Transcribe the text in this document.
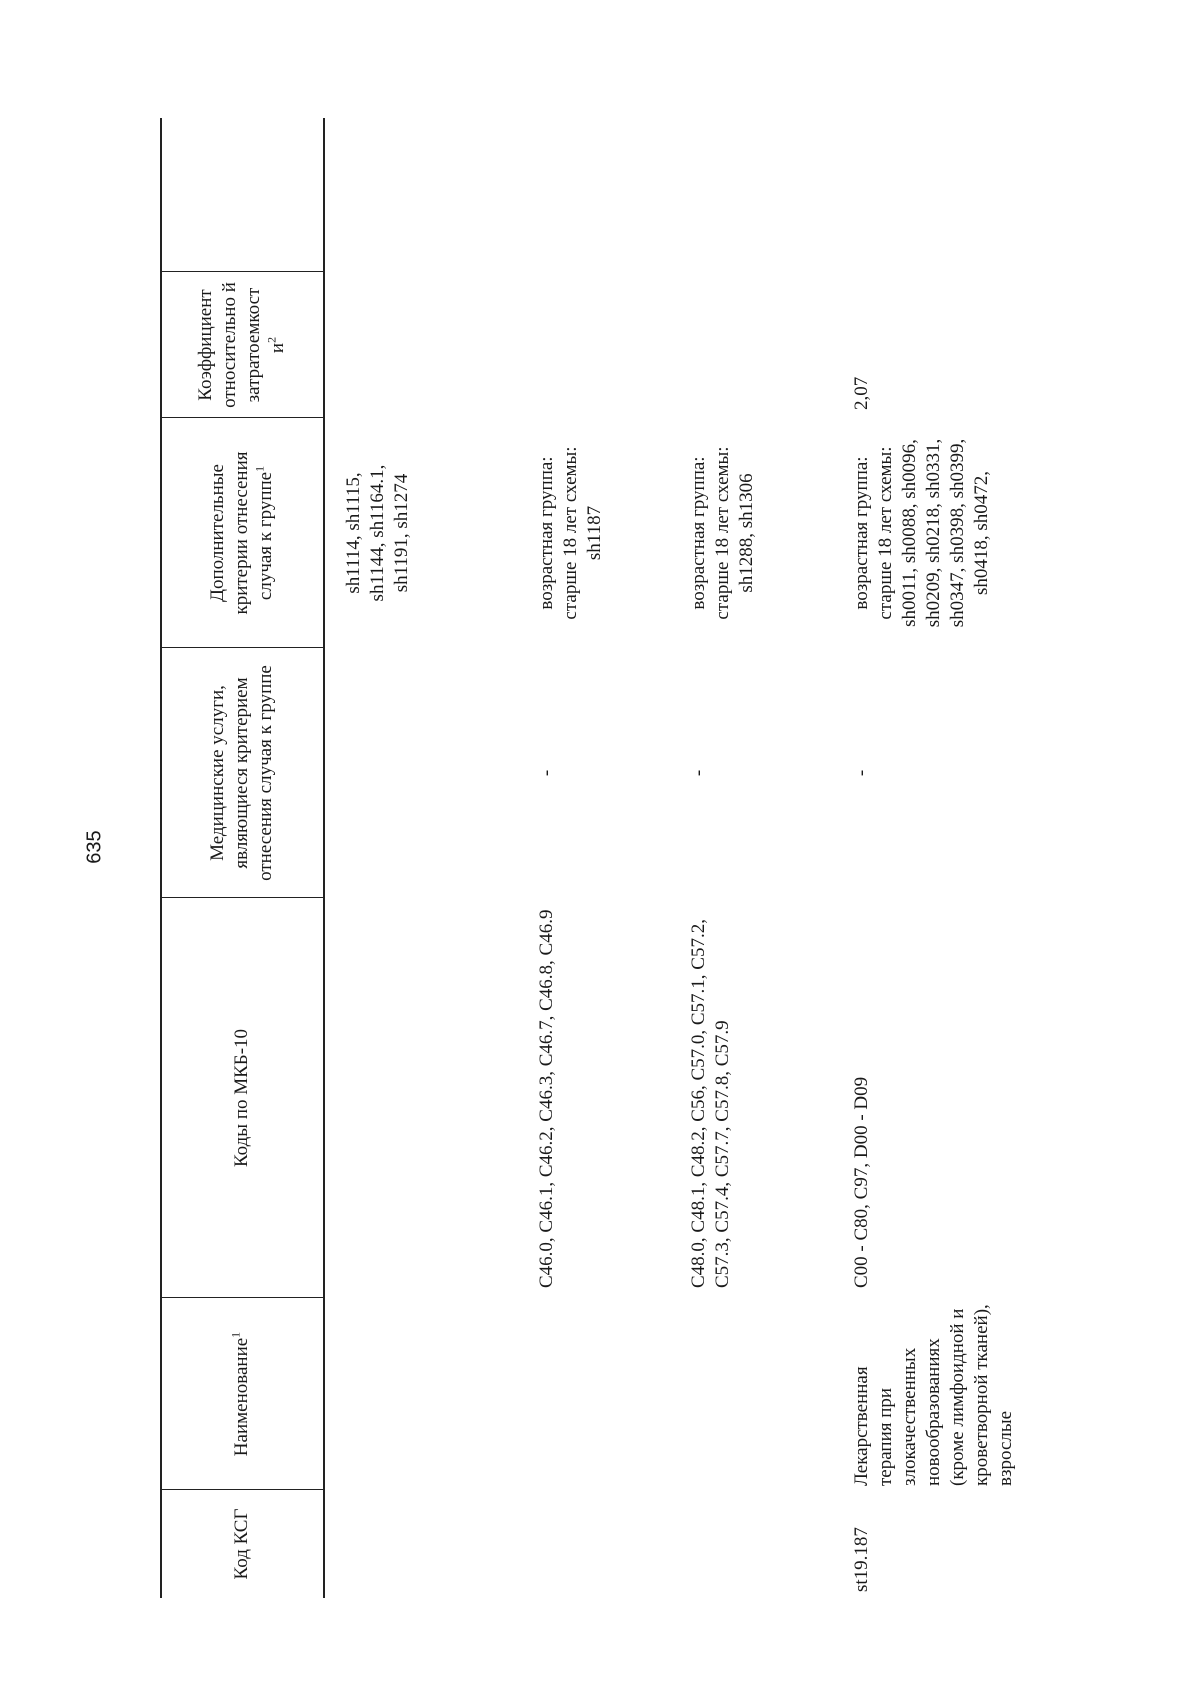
635
Код КСГ
Наименование$^1$
Коды по МКБ-10
Медицинские услуги, являющиеся критерием отнесения случая к группе
Дополнительные критерии отнесения случая к группе$^1$
Коэффициент относительно й затратоемкост $и^2$
sh1114, sh1115, sh1144, sh1164.1, sh1191, sh1274
C46.0, C46.1, C46.2, C46.3, C46.7, C46.8, C46.9
-
возрастная группа: старше 18 лет схемы: sh1187
C48.0, C48.1, C48.2, C56, C57.0, C57.1, C57.2, C57.3, C57.4, C57.7, C57.8, C57.9
-
возрастная группа: старше 18 лет схемы: sh1288, sh1306
st19.187
Лекарственная терапия при злокачественных новообразованиях (кроме лимфоидной и кроветворной тканей), взрослые
C00 - C80, C97, D00 - D09
-
возрастная группа: старше 18 лет схемы: sh0011, sh0088, sh0096, sh0209, sh0218, sh0331, sh0347, sh0398, sh0399, sh0418, sh0472,
2,07
